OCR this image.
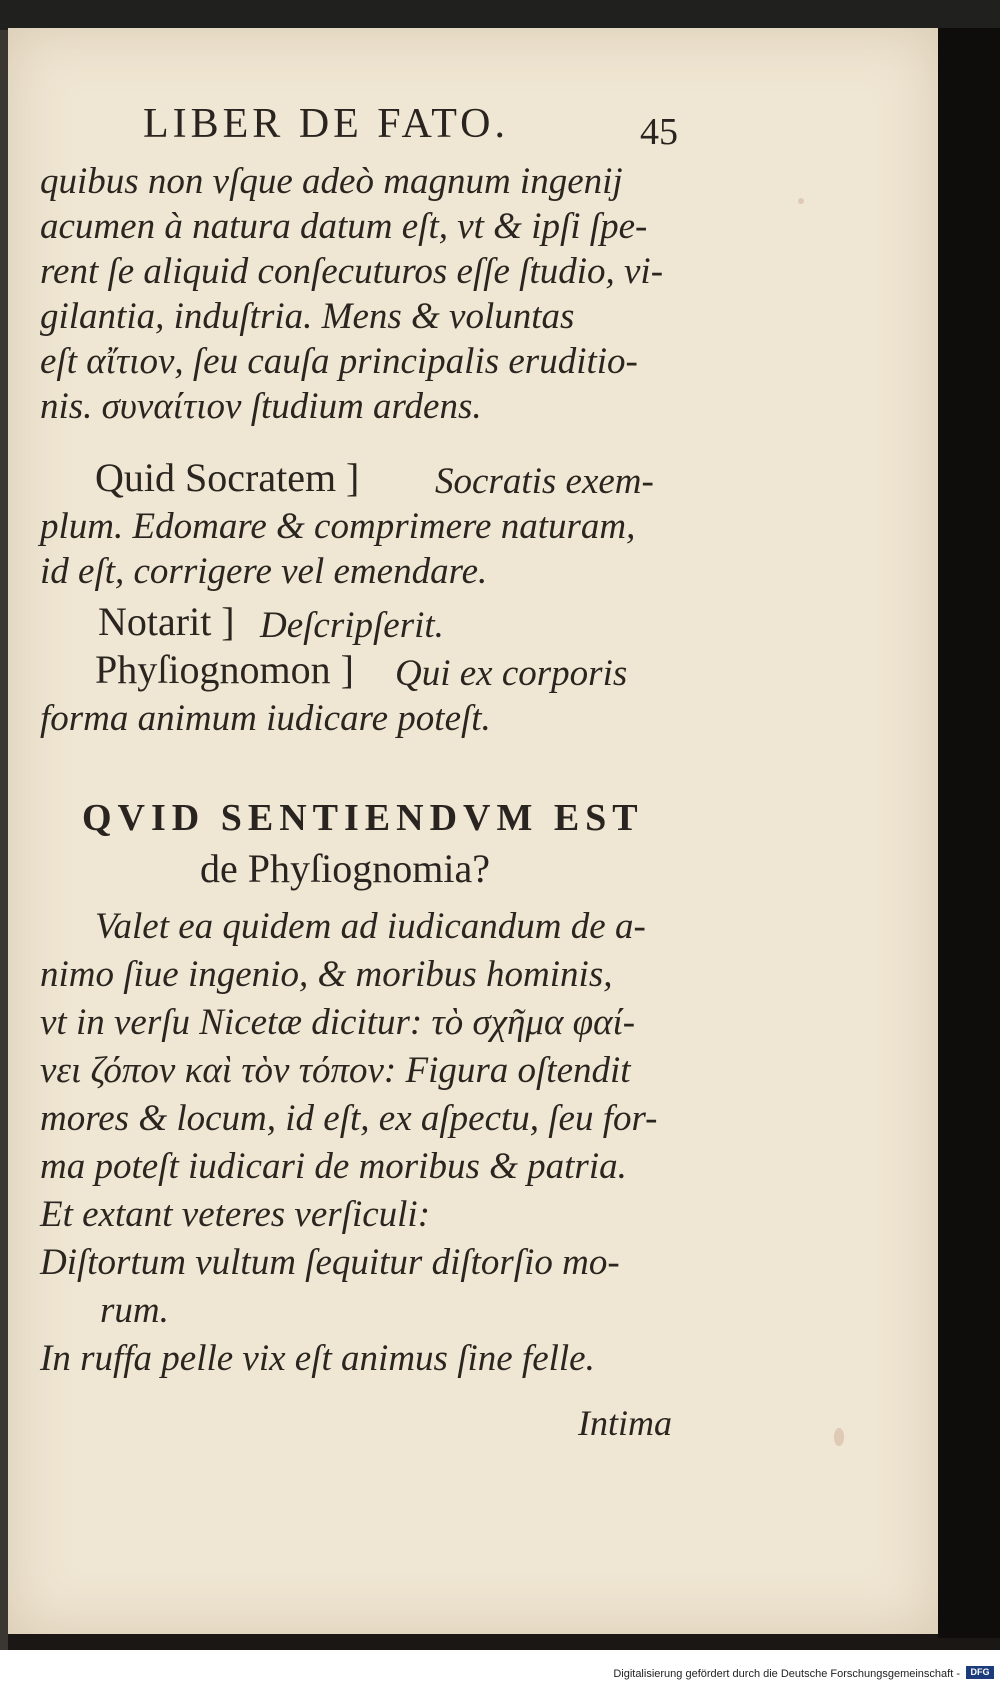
LIBER DE FATO.	45
quibus non vſque adeò magnum ingenij
acumen à natura datum eſt, vt & ipſi ſpe-
rent ſe aliquid conſecuturos eſſe ſtudio, vi-
gilantia, induſtria. Mens & voluntas
eſt αἴτιον, ſeu cauſa principalis eruditio-
nis. συναίτιον ſtudium ardens.
Quid Socratem ] Socratis exem-
plum. Edomare & comprimere naturam,
id eſt, corrigere vel emendare.
Notarit ] Deſcripſerit.
Phyſiognomon ] Qui ex corporis
forma animum iudicare poteſt.
Valet ea quidem ad iudicandum de a-
nimo ſiue ingenio, & moribus hominis,
vt in verſu Nicetæ dicitur: τὸ σχῆμα φαί-
νει ζόπον καὶ τὸν τόπον: Figura oſtendit
mores & locum, id eſt, ex aſpectu, ſeu for-
ma poteſt iudicari de moribus & patria.
Et extant veteres verſiculi:
Diſtortum vultum ſequitur diſtorſio mo-
rum.
In ruffa pelle vix eſt animus ſine felle.
QVID SENTIENDVM EST
de Phyſiognomia?
Intima
Digitalisierung gefördert durch die Deutsche Forschungsgemeinschaft -	DFG
